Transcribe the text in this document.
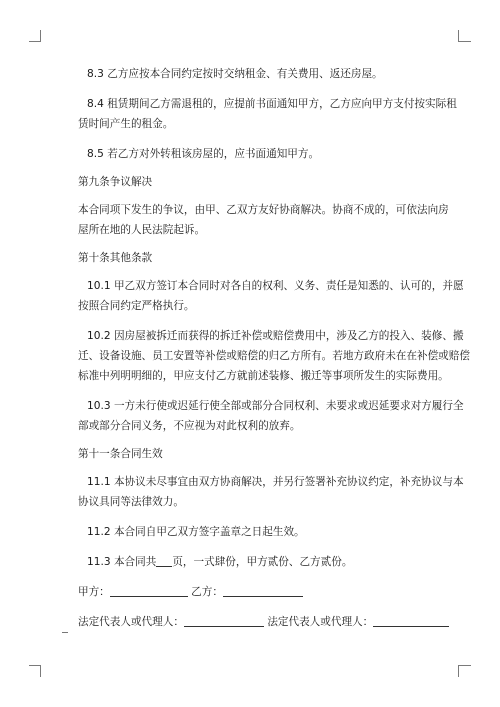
8.3 乙方应按本合同约定按时交纳租金、有关费用、返还房屋。

8.4 租赁期间乙方需退租的，应提前书面通知甲方，乙方应向甲方支付按实际租

赁时间产生的租金。

8.5 若乙方对外转租该房屋的，应书面通知甲方。

第九条争议解决

本合同项下发生的争议，由甲、乙双方友好协商解决。协商不成的，可依法向房

屋所在地的人民法院起诉。

第十条其他条款

10.1 甲乙双方签订本合同时对各自的权利、义务、责任是知悉的、认可的，并愿

按照合同约定严格执行。

10.2 因房屋被拆迁而获得的拆迁补偿或赔偿费用中，涉及乙方的投入、装修、搬

迁、设备设施、员工安置等补偿或赔偿的归乙方所有。若地方政府未在在补偿或赔偿

标准中列明明细的，甲应支付乙方就前述装修、搬迁等事项所发生的实际费用。

10.3 一方未行使或迟延行使全部或部分合同权利、未要求或迟延要求对方履行全

部或部分合同义务，不应视为对此权利的放弃。

第十一条合同生效

11.1 本协议未尽事宜由双方协商解决，并另行签署补充协议约定，补充协议与本

协议具同等法律效力。

11.2 本合同自甲乙双方签字盖章之日起生效。

11.3 本合同共 页，一式肆份，甲方贰份、乙方贰份。

甲方：	乙方：

法定代表人或代理人：	法定代表人或代理人：
